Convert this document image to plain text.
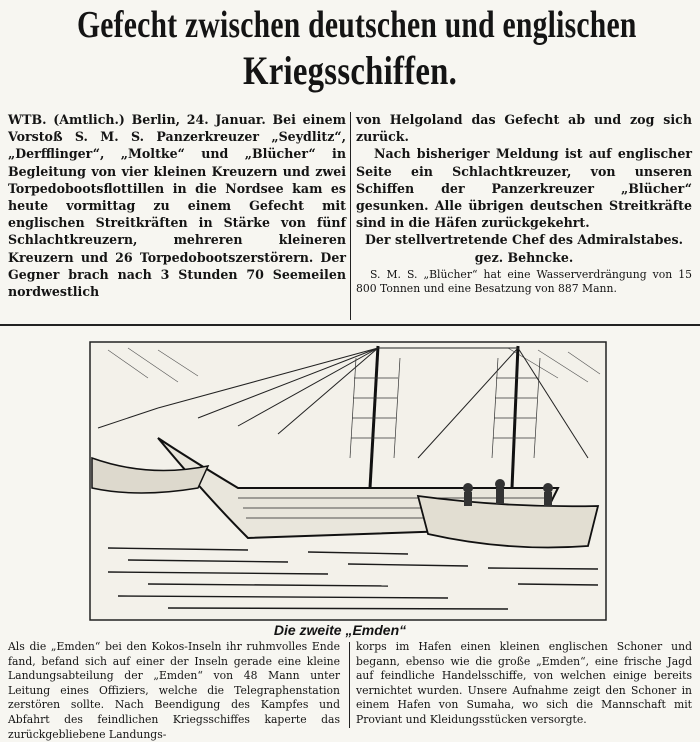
Gefecht zwischen deutschen und englischen
Kriegsschiffen.

WTB. (Amtlich.) Berlin, 24. Januar. Bei einem Vorstoß S. M. S. Panzerkreuzer „Seydlitz“, „Derfflinger“, „Moltke“ und „Blücher“ in Begleitung von vier kleinen Kreuzern und zwei Torpedobootsflottillen in die Nordsee kam es heute vormittag zu einem Gefecht mit englischen Streitkräften in Stärke von fünf Schlachtkreuzern, mehreren kleineren Kreuzern und 26 Torpedobootszerstörern. Der Gegner brach nach 3 Stunden 70 Seemeilen nordwestlich

von Helgoland das Gefecht ab und zog sich zurück.

Nach bisheriger Meldung ist auf englischer Seite ein Schlachtkreuzer, von unseren Schiffen der Panzerkreuzer „Blücher“ gesunken. Alle übrigen deutschen Streitkräfte sind in die Häfen zurückgekehrt.

Der stellvertretende Chef des Admiralstabes.

gez. Behncke.

S. M. S. „Blücher“ hat eine Wasserverdrängung von 15 800 Tonnen und eine Besatzung von 887 Mann.

Die zweite „Emden“
Als die „Emden“ bei den Kokos-Inseln ihr ruhmvolles Ende fand, befand sich auf einer der Inseln gerade eine kleine Landungsabteilung der „Emden“ von 48 Mann unter Leitung eines Offiziers, welche die Telegraphenstation zerstören sollte. Nach Beendigung des Kampfes und Abfahrt des feindlichen Kriegsschiffes kaperte das zurückgebliebene Landungs-
korps im Hafen einen kleinen englischen Schoner und begann, ebenso wie die große „Emden“, eine frische Jagd auf feindliche Handelsschiffe, von welchen einige bereits vernichtet wurden. Unsere Aufnahme zeigt den Schoner in einem Hafen von Sumaha, wo sich die Mannschaft mit Proviant und Kleidungsstücken versorgte.
